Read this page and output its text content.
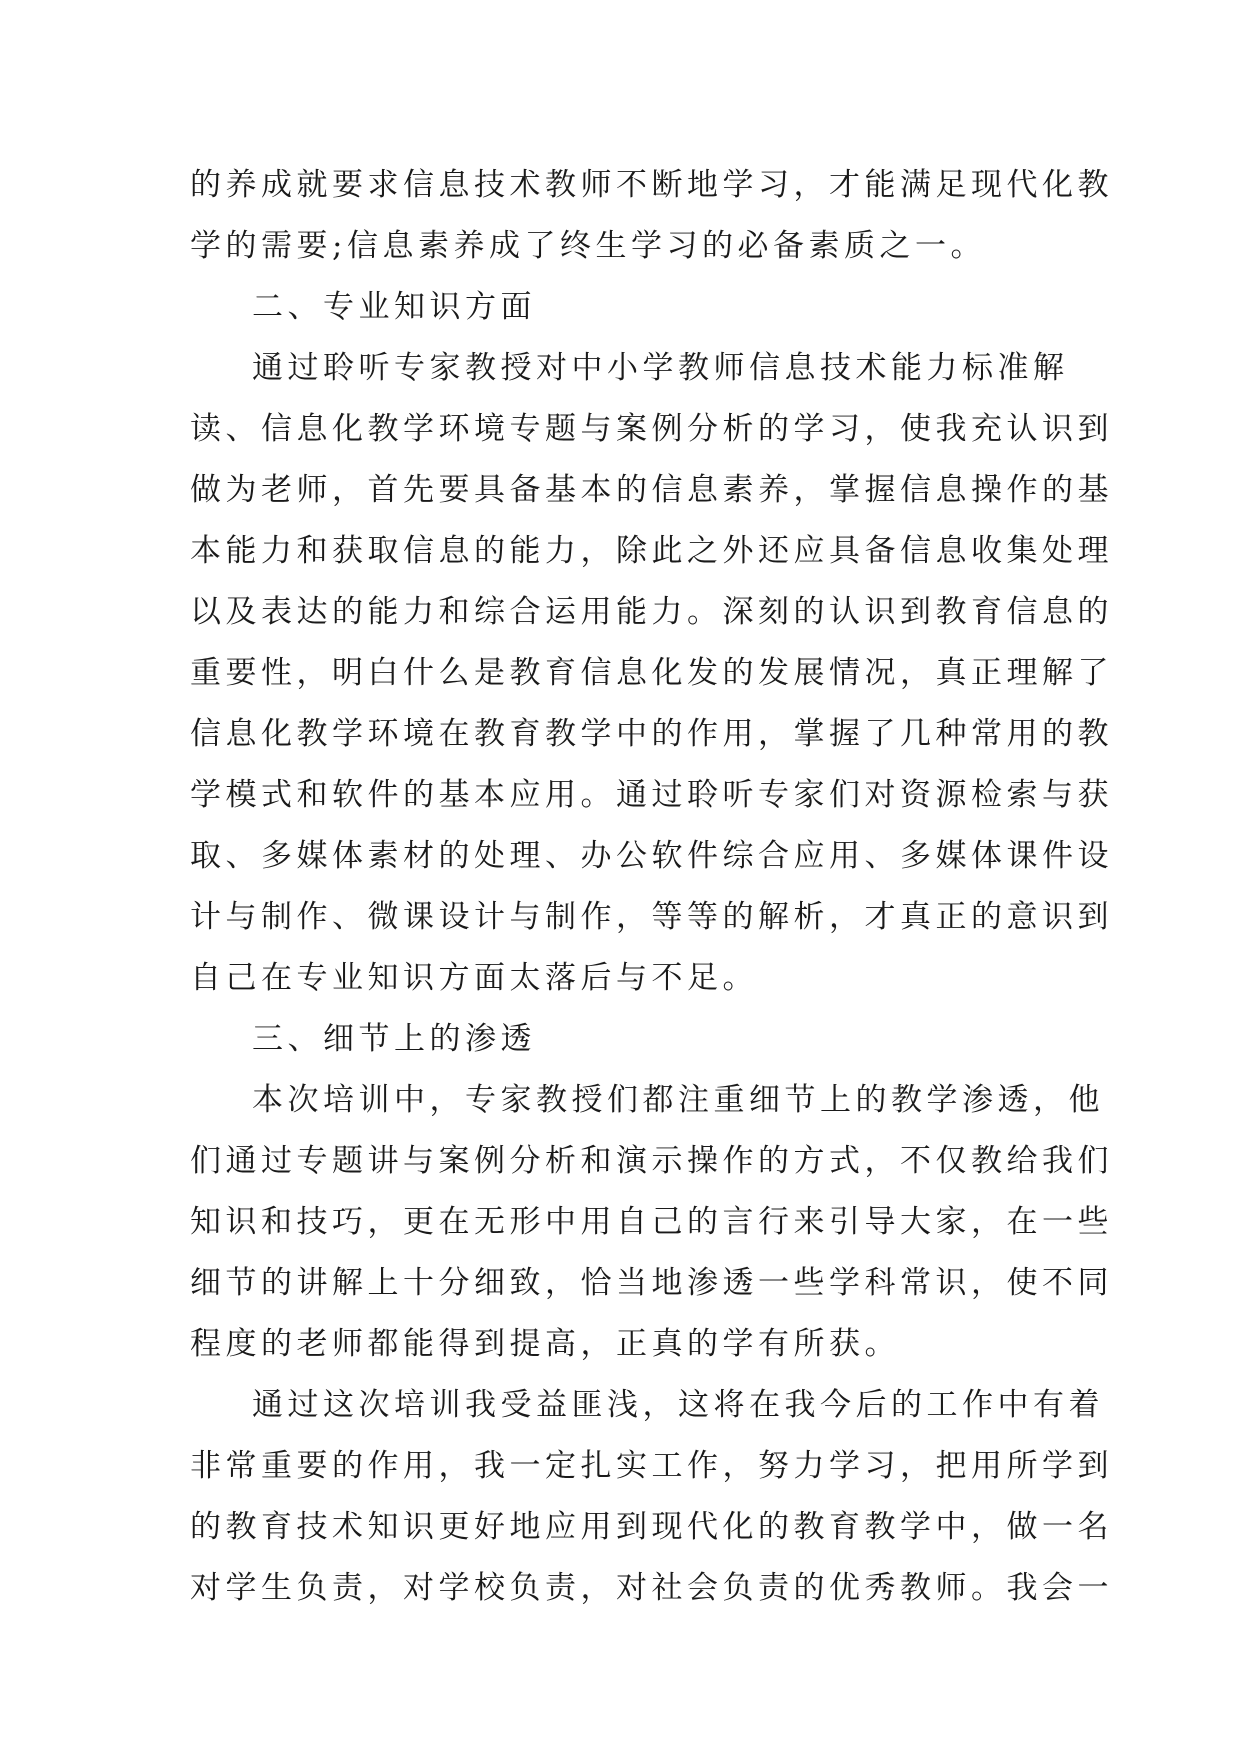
的养成就要求信息技术教师不断地学习，才能满足现代化教
学的需要;信息素养成了终生学习的必备素质之一。
二、专业知识方面
通过聆听专家教授对中小学教师信息技术能力标准解
读、信息化教学环境专题与案例分析的学习，使我充认识到
做为老师，首先要具备基本的信息素养，掌握信息操作的基
本能力和获取信息的能力，除此之外还应具备信息收集处理
以及表达的能力和综合运用能力。深刻的认识到教育信息的
重要性，明白什么是教育信息化发的发展情况，真正理解了
信息化教学环境在教育教学中的作用，掌握了几种常用的教
学模式和软件的基本应用。通过聆听专家们对资源检索与获
取、多媒体素材的处理、办公软件综合应用、多媒体课件设
计与制作、微课设计与制作，等等的解析，才真正的意识到
自己在专业知识方面太落后与不足。
三、细节上的渗透
本次培训中，专家教授们都注重细节上的教学渗透，他
们通过专题讲与案例分析和演示操作的方式，不仅教给我们
知识和技巧，更在无形中用自己的言行来引导大家，在一些
细节的讲解上十分细致，恰当地渗透一些学科常识，使不同
程度的老师都能得到提高，正真的学有所获。
通过这次培训我受益匪浅，这将在我今后的工作中有着
非常重要的作用，我一定扎实工作，努力学习，把用所学到
的教育技术知识更好地应用到现代化的教育教学中，做一名
对学生负责，对学校负责，对社会负责的优秀教师。我会一
